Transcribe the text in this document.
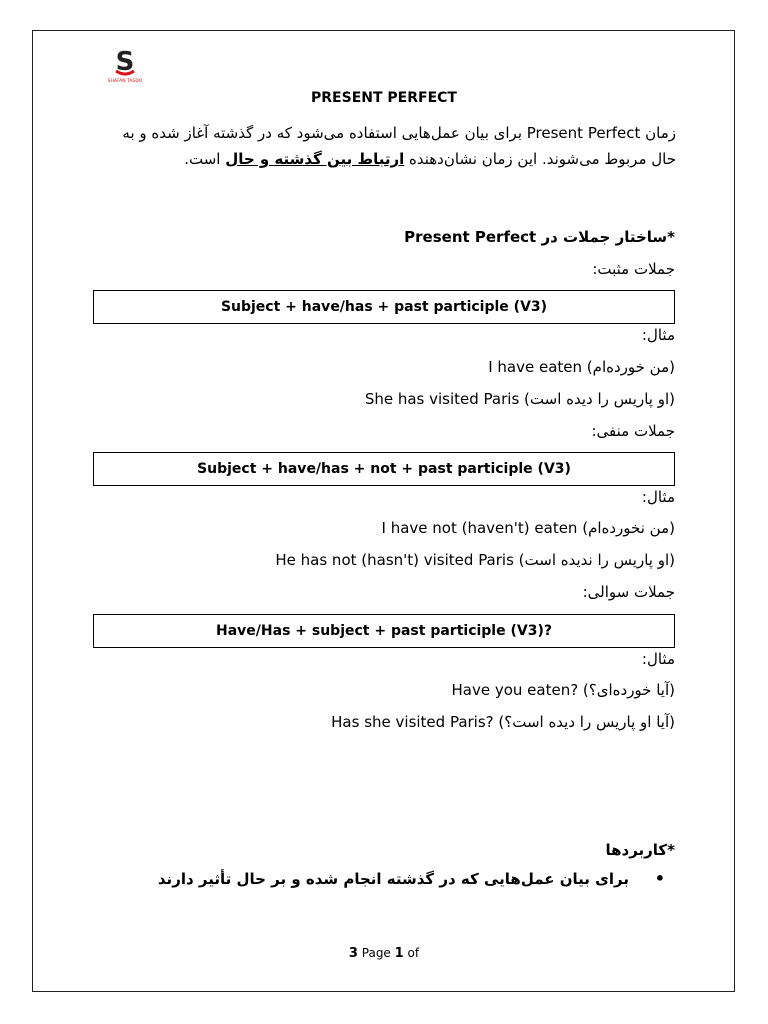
S
SHAFAN TASDO
PRESENT PERFECT
زمان Present Perfect برای بیان عمل‌هایی استفاده می‌شود که در گذشته آغاز شده و به حال مربوط می‌شوند. این زمان نشان‌دهنده ارتباط بین گذشته و حال است.
*ساختار جملات در Present Perfect
جملات مثبت:
Subject + have/has + past participle (V3)
مثال:
I have eaten (من خورده‌ام)
She has visited Paris (او پاریس را دیده است)
جملات منفی:
Subject + have/has + not + past participle (V3)
مثال:
I have not (haven't) eaten (من نخورده‌ام)
He has not (hasn't) visited Paris (او پاریس را ندیده است)
جملات سوالی:
Have/Has + subject + past participle (V3)?
مثال:
Have you eaten? (آیا خورده‌ای؟)
Has she visited Paris? (آیا او پاریس را دیده است؟)
*کاربردها
•
برای بیان عمل‌هایی که در گذشته انجام شده و بر حال تأثیر دارند
3 Page 1 of
